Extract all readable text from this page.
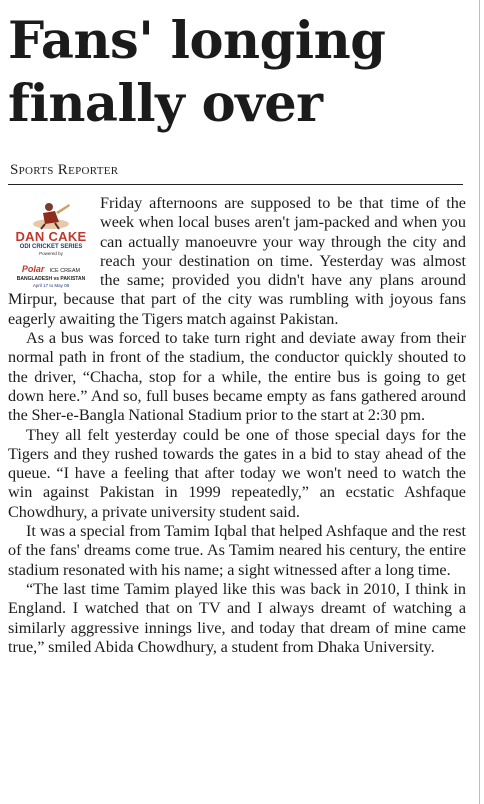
Fans' longing finally over
Sports Reporter

Friday afternoons are supposed to be that time of the week when local buses aren't jam-packed and when you can actually manoeuvre your way through the city and reach your destination on time. Yesterday was almost the same; provided you didn't have any plans around Mirpur, because that part of the city was rumbling with joyous fans eagerly awaiting the Tigers match against Pakistan.

As a bus was forced to take turn right and deviate away from their normal path in front of the stadium, the conductor quickly shouted to the driver, “Chacha, stop for a while, the entire bus is going to get down here.” And so, full buses became empty as fans gathered around the Sher-e-Bangla National Stadium prior to the start at 2:30 pm.

They all felt yesterday could be one of those special days for the Tigers and they rushed towards the gates in a bid to stay ahead of the queue. “I have a feeling that after today we won't need to watch the win against Pakistan in 1999 repeatedly,” an ecstatic Ashfaque Chowdhury, a private university student said.

It was a special from Tamim Iqbal that helped Ashfaque and the rest of the fans' dreams come true. As Tamim neared his century, the entire stadium resonated with his name; a sight witnessed after a long time.

“The last time Tamim played like this was back in 2010, I think in England. I watched that on TV and I always dreamt of watching a similarly aggressive innings live, and today that dream of mine came true,” smiled Abida Chowdhury, a student from Dhaka University.

DAN CAKE
ODI CRICKET SERIES
Powered by
Polar ICE CREAM
BANGLADESH vs PAKISTAN
April 17 to May 08
